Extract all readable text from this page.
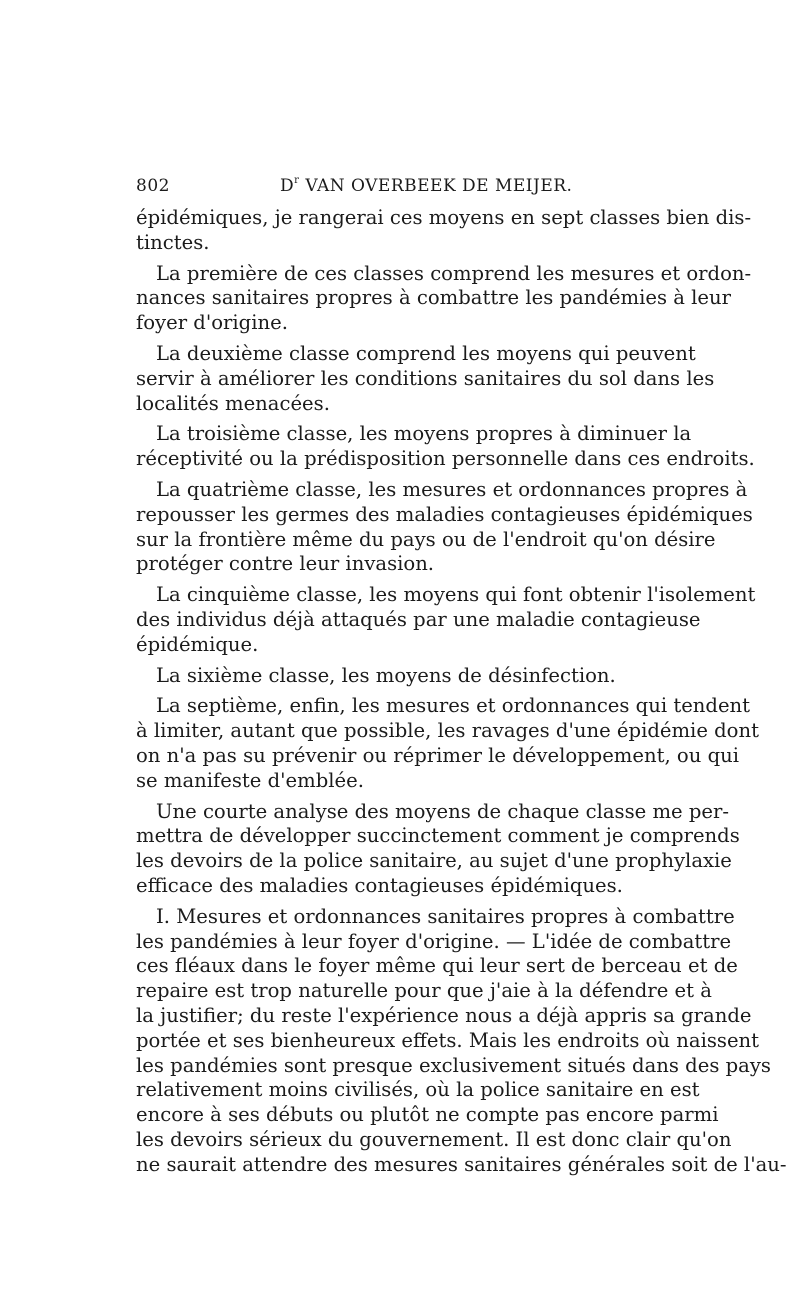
802	$D^r$ VAN OVERBEEK DE MEIJER.
épidémiques, je rangerai ces moyens en sept classes bien dis-
tinctes.
La première de ces classes comprend les mesures et ordon-
nances sanitaires propres à combattre les pandémies à leur
foyer d'origine.
La deuxième classe comprend les moyens qui peuvent
servir à améliorer les conditions sanitaires du sol dans les
localités menacées.
La troisième classe, les moyens propres à diminuer la
réceptivité ou la prédisposition personnelle dans ces endroits.
La quatrième classe, les mesures et ordonnances propres à
repousser les germes des maladies contagieuses épidémiques
sur la frontière même du pays ou de l'endroit qu'on désire
protéger contre leur invasion.
La cinquième classe, les moyens qui font obtenir l'isolement
des individus déjà attaqués par une maladie contagieuse
épidémique.
La sixième classe, les moyens de désinfection.
La septième, enfin, les mesures et ordonnances qui tendent
à limiter, autant que possible, les ravages d'une épidémie dont
on n'a pas su prévenir ou réprimer le développement, ou qui
se manifeste d'emblée.
Une courte analyse des moyens de chaque classe me per-
mettra de développer succinctement comment je comprends
les devoirs de la police sanitaire, au sujet d'une prophylaxie
efficace des maladies contagieuses épidémiques.
I. Mesures et ordonnances sanitaires propres à combattre
les pandémies à leur foyer d'origine. — L'idée de combattre
ces fléaux dans le foyer même qui leur sert de berceau et de
repaire est trop naturelle pour que j'aie à la défendre et à
la justifier; du reste l'expérience nous a déjà appris sa grande
portée et ses bienheureux effets. Mais les endroits où naissent
les pandémies sont presque exclusivement situés dans des pays
relativement moins civilisés, où la police sanitaire en est
encore à ses débuts ou plutôt ne compte pas encore parmi
les devoirs sérieux du gouvernement. Il est donc clair qu'on
ne saurait attendre des mesures sanitaires générales soit de l'au-
